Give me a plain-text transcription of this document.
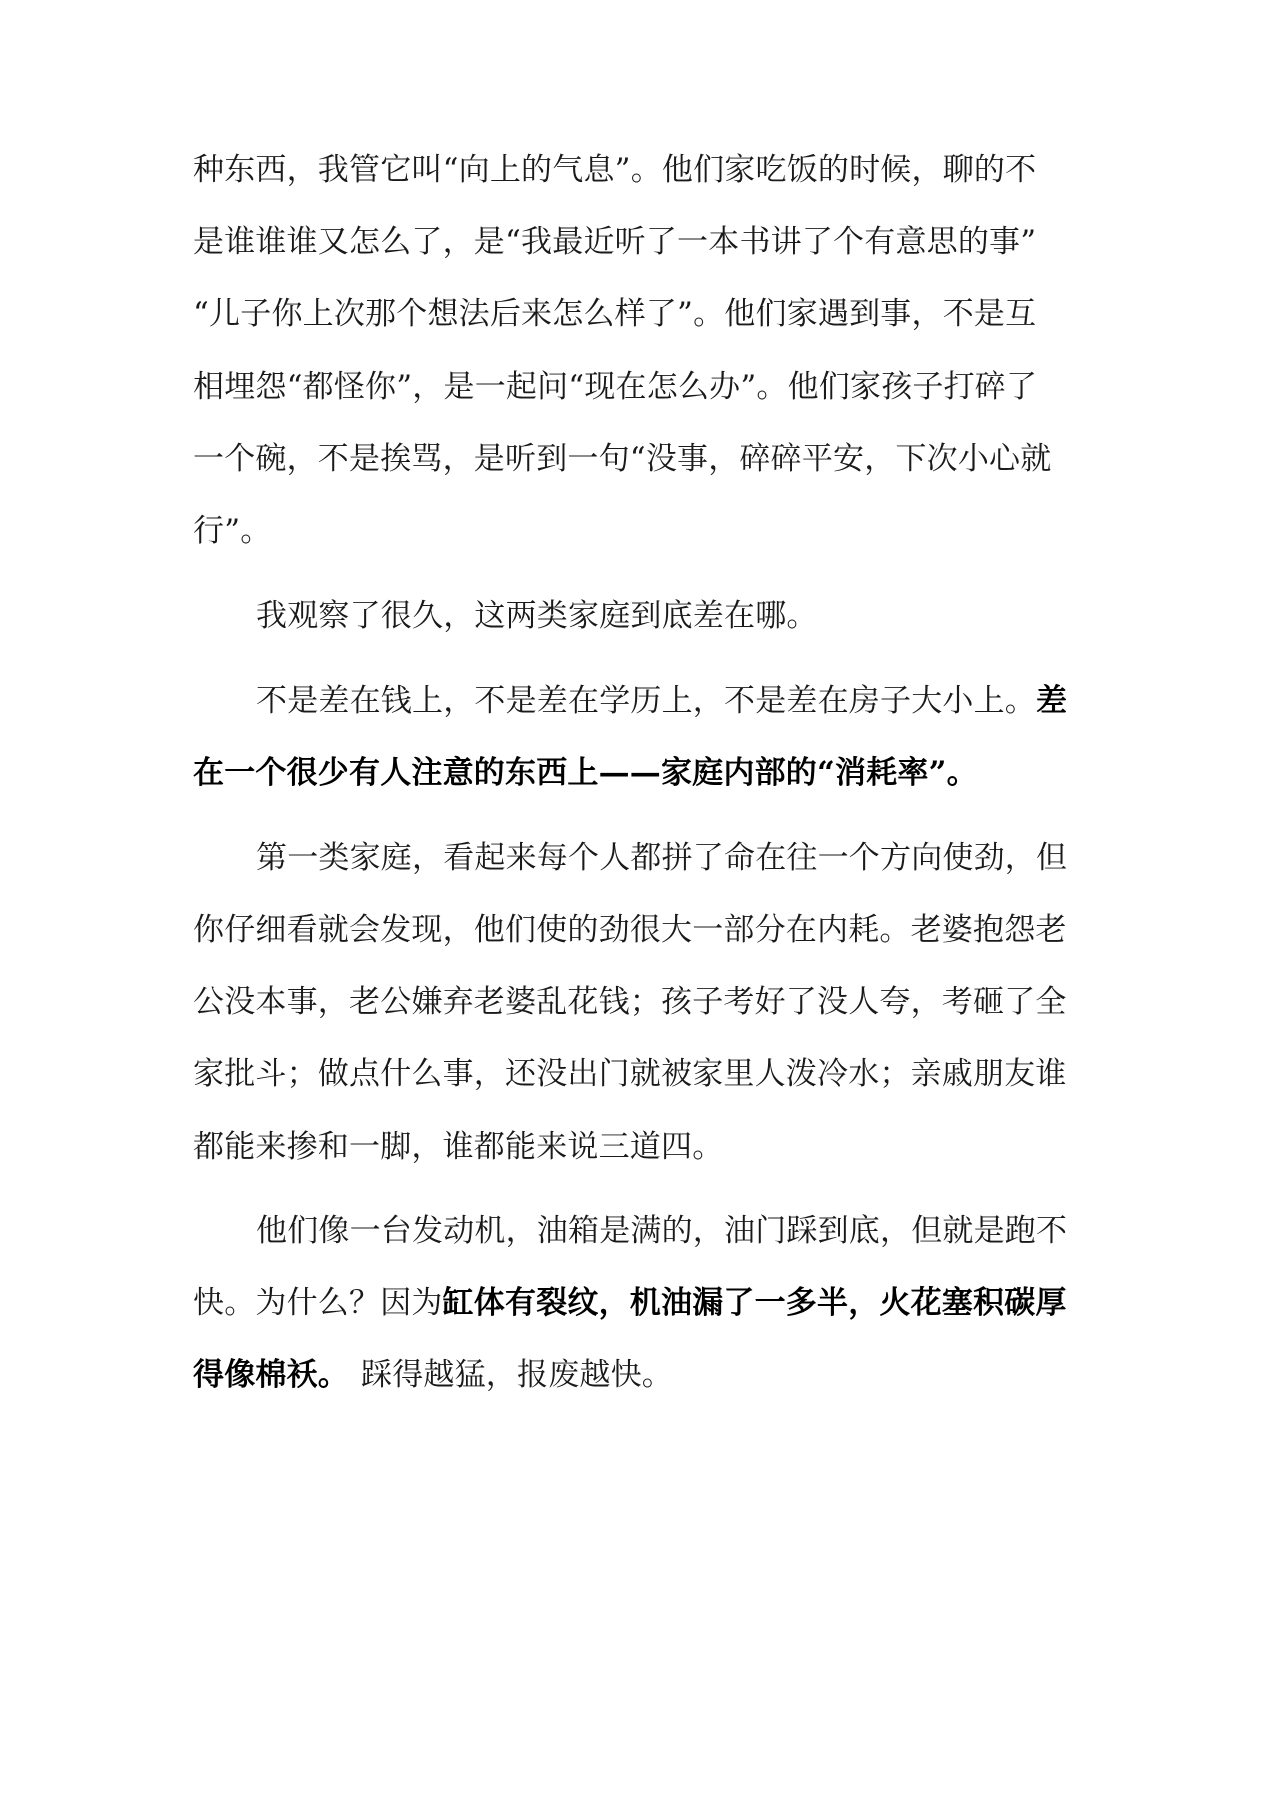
种东西，我管它叫“向上的气息”。他们家吃饭的时候，聊的不
是谁谁谁又怎么了，是“我最近听了一本书讲了个有意思的事”
“儿子你上次那个想法后来怎么样了”。他们家遇到事，不是互
相埋怨“都怪你”，是一起问“现在怎么办”。他们家孩子打碎了
一个碗，不是挨骂，是听到一句“没事，碎碎平安，下次小心就
行”。
我观察了很久，这两类家庭到底差在哪。
不是差在钱上，不是差在学历上，不是差在房子大小上。差
在一个很少有人注意的东西上——家庭内部的“消耗率”。
第一类家庭，看起来每个人都拼了命在往一个方向使劲，但
你仔细看就会发现，他们使的劲很大一部分在内耗。老婆抱怨老
公没本事，老公嫌弃老婆乱花钱；孩子考好了没人夸，考砸了全
家批斗；做点什么事，还没出门就被家里人泼冷水；亲戚朋友谁
都能来掺和一脚，谁都能来说三道四。
他们像一台发动机，油箱是满的，油门踩到底，但就是跑不
快。为什么？因为缸体有裂纹，机油漏了一多半，火花塞积碳厚
得像棉袄。 踩得越猛，报废越快。
